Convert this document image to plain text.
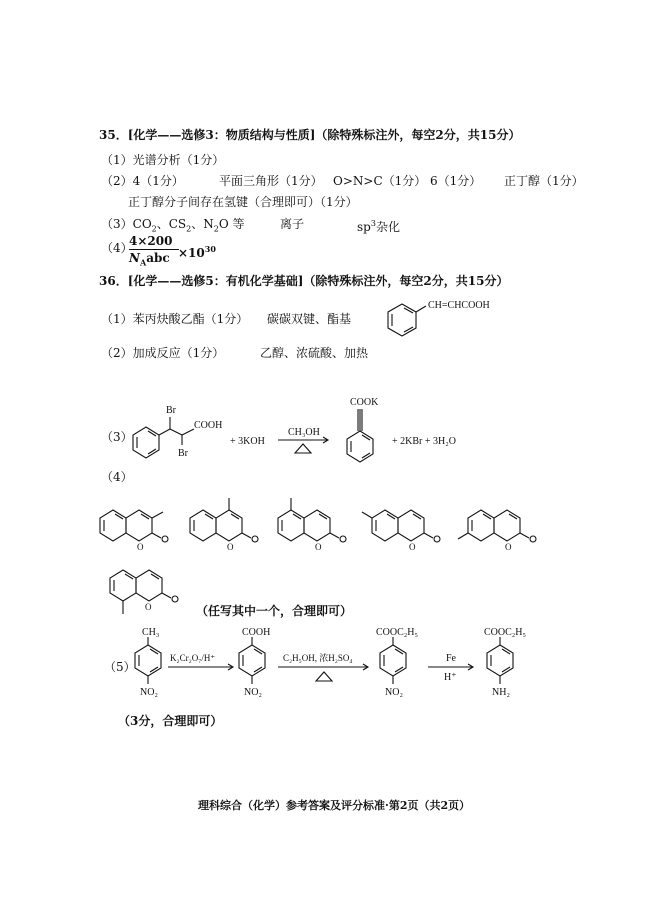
35．[化学——选修3：物质结构与性质]（除特殊标注外，每空2分，共15分）
（1）光谱分析（1分）
（2）4（1分）	平面三角形（1分） O>N>C（1分） 6（1分） 正丁醇（1分）
正丁醇分子间存在氢键（合理即可）（1分）
$(3)CO_2$、$CS_2$、$N_2O$ 等	离子	$sp^3$杂化
（4）
4×200
$N_Aabc \times 10^{30}$
36．[化学——选修5：有机化学基础]（除特殊标注外，每空2分，共15分）
（1）苯丙炔酸乙酯（1分） 碳碳双键、酯基
CH=CHCOOH
（2）加成反应（1分）	乙醇、浓硫酸、加热
（3）
Br
Br
COOH
+ 3KOH
CH₃OH
COOK
+ 2KBr + 3H₂O
（4）
O	O	O	O	O
O	（任写其中一个，合理即可）
（5）
CH₃
NO₂
K₂Cr₂O₇/H⁺
COOH
NO₂
C₂H₅OH, 浓H₂SO₄
COOC₂H₅
NO₂
Fe
H⁺
COOC₂H₅
NH₂
（3分，合理即可）
理科综合（化学）参考答案及评分标准·第2页（共2页）
